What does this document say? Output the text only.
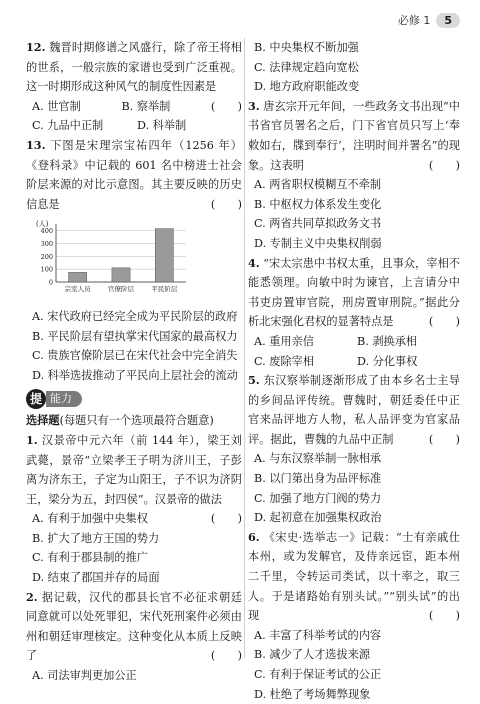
必修 1	5
12. 魏晋时期修谱之风盛行，除了帝王将相的世系，一般宗族的家谱也受到广泛重视。这一时期形成这种风气的制度性因素是
(　　)
A. 世官制	B. 察举制
C. 九品中正制	D. 科举制
13. 下图是宋理宗宝祐四年（1256 年）《登科录》中记载的 601 名中榜进士社会阶层来源的对比示意图。其主要反映的历史信息是	(　　)
(人)
0
100
200
300
400
宗室人员	官僚阶层	平民阶层
A. 宋代政府已经完全成为平民阶层的政府
B. 平民阶层有望执掌宋代国家的最高权力
C. 贵族官僚阶层已在宋代社会中完全消失
D. 科举选拔推动了平民向上层社会的流动
提 能力
选择题(每题只有一个选项最符合题意)
1. 汉景帝中元六年（前 144 年），梁王刘武薨，景帝“立梁孝王子明为济川王，子彭离为济东王，子定为山阳王，子不识为济阴王，梁分为五，封四侯”。汉景帝的做法
(　　)
A. 有利于加强中央集权
B. 扩大了地方王国的势力
C. 有利于郡县制的推广
D. 结束了郡国并存的局面
2. 据记载，汉代的郡县长官不必征求朝廷同意就可以处死罪犯，宋代死刑案件必须由州和朝廷审理核定。这种变化从本质上反映了	(　　)
A. 司法审判更加公正
B. 中央集权不断加强
C. 法律规定趋向宽松
D. 地方政府职能改变
3. 唐玄宗开元年间，一些政务文书出现“中书省官员署名之后，门下省官员只写上‘奉敕如右，牒到奉行’，注明时间并署名”的现象。这表明	(　　)
A. 两省职权模糊互不牵制
B. 中枢权力体系发生变化
C. 两省共同草拟政务文书
D. 专制主义中央集权削弱
4. “宋太宗患中书权太重，且事众，宰相不能悉领理。向敏中时为谏官，上言请分中书吏房置审官院，刑房置审刑院。”据此分析北宋强化君权的显著特点是	(　　)
A. 重用亲信	B. 剥换承相
C. 废除宰相	D. 分化事权
5. 东汉察举制逐渐形成了由本乡名士主导的乡间品评传统。曹魏时，朝廷委任中正官来品评地方人物，私人品评变为官家品评。据此，曹魏的九品中正制	(　　)
A. 与东汉察举制一脉相承
B. 以门第出身为品评标准
C. 加强了地方门阀的势力
D. 起初意在加强集权政治
6. 《宋史·选举志一》记载：“士有亲戚仕本州，或为发解官，及侍亲远宦，距本州二千里，令转运司类试，以十率之，取三人。于是诸路始有别头试。”“别头试”的出现	(　　)
A. 丰富了科举考试的内容
B. 减少了人才选拔来源
C. 有利于保证考试的公正
D. 杜绝了考场舞弊现象
